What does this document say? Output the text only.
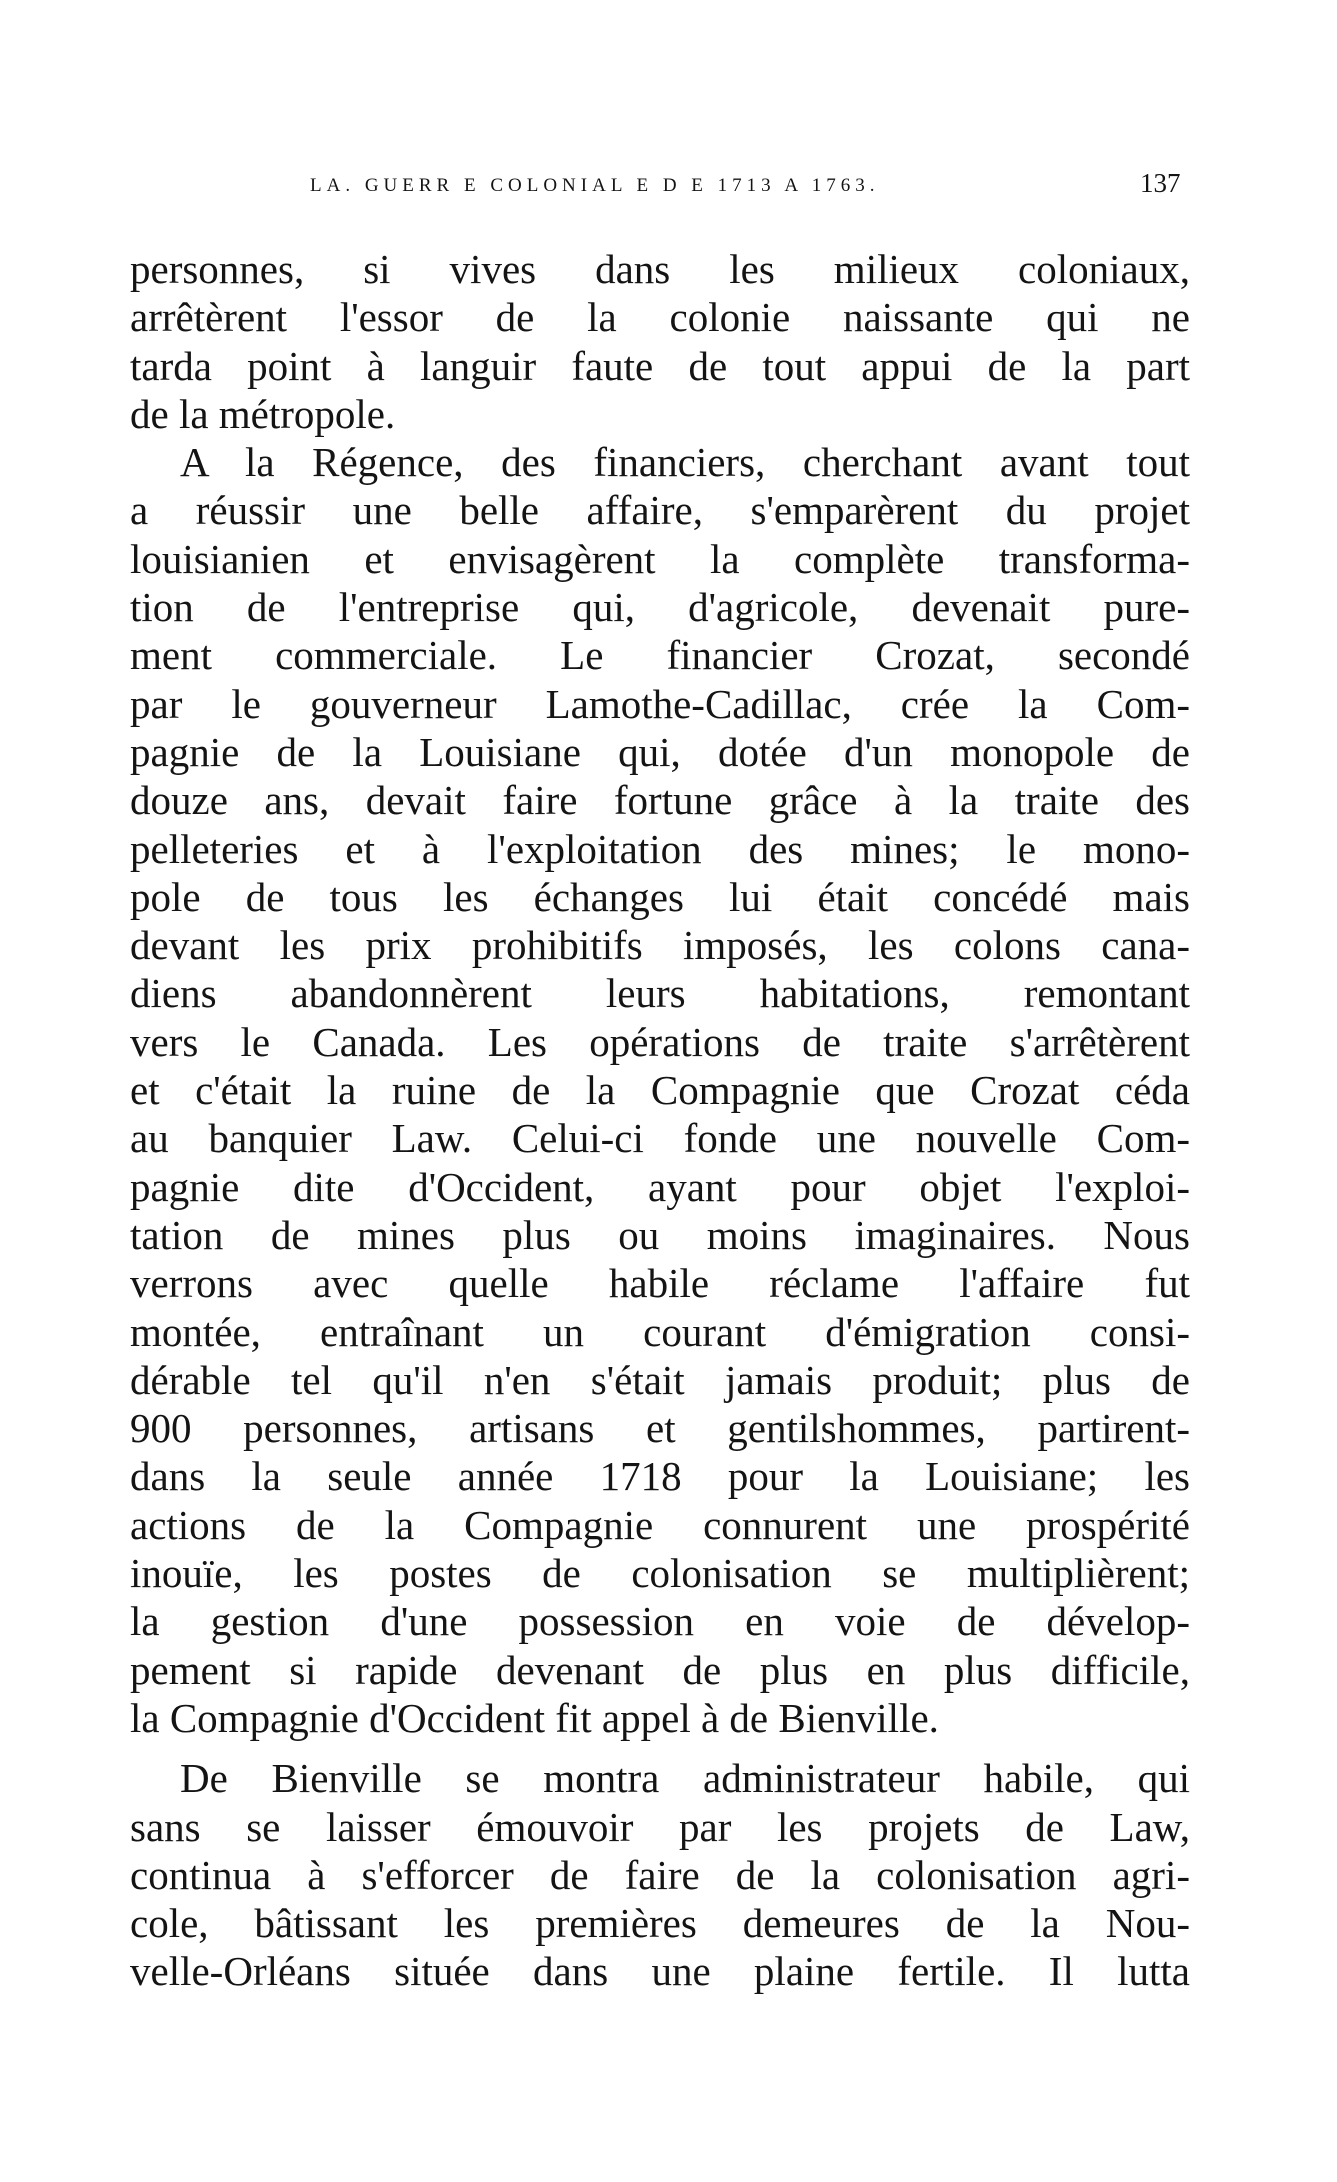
LA. GUERR E COLONIAL E D E 1713 A 1763.	137
personnes, si vives dans les milieux coloniaux,
arrêtèrent l'essor de la colonie naissante qui ne
tarda point à languir faute de tout appui de la part
de la métropole.
A la Régence, des financiers, cherchant avant tout
a réussir une belle affaire, s'emparèrent du projet
louisianien et envisagèrent la complète transforma-
tion de l'entreprise qui, d'agricole, devenait pure-
ment commerciale. Le financier Crozat, secondé
par le gouverneur Lamothe-Cadillac, crée la Com-
pagnie de la Louisiane qui, dotée d'un monopole de
douze ans, devait faire fortune grâce à la traite des
pelleteries et à l'exploitation des mines; le mono-
pole de tous les échanges lui était concédé mais
devant les prix prohibitifs imposés, les colons cana-
diens abandonnèrent leurs habitations, remontant
vers le Canada. Les opérations de traite s'arrêtèrent
et c'était la ruine de la Compagnie que Crozat céda
au banquier Law. Celui-ci fonde une nouvelle Com-
pagnie dite d'Occident, ayant pour objet l'exploi-
tation de mines plus ou moins imaginaires. Nous
verrons avec quelle habile réclame l'affaire fut
montée, entraînant un courant d'émigration consi-
dérable tel qu'il n'en s'était jamais produit; plus de
900 personnes, artisans et gentilshommes, partirent-
dans la seule année 1718 pour la Louisiane; les
actions de la Compagnie connurent une prospérité
inouïe, les postes de colonisation se multiplièrent;
la gestion d'une possession en voie de dévelop-
pement si rapide devenant de plus en plus difficile,
la Compagnie d'Occident fit appel à de Bienville.
De Bienville se montra administrateur habile, qui
sans se laisser émouvoir par les projets de Law,
continua à s'efforcer de faire de la colonisation agri-
cole, bâtissant les premières demeures de la Nou-
velle-Orléans située dans une plaine fertile. Il lutta
